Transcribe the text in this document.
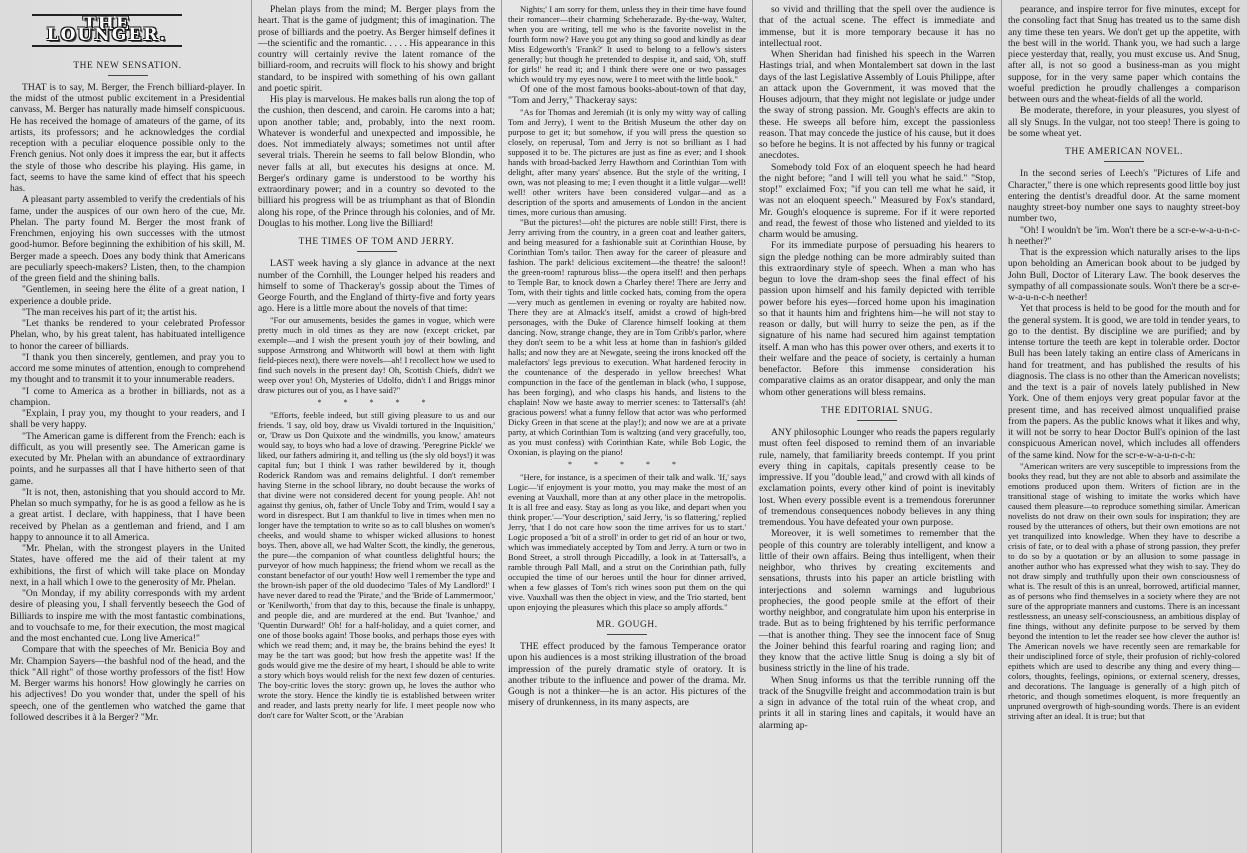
THE LOUNGER.
THE NEW SENSATION.

THAT is to say, M. Berger, the French billiard-player. In the midst of the utmost public excitement in a Presidential canvass, M. Berger has naturally made himself conspicuous. He has received the homage of amateurs of the game, of its artists, its professors; and he acknowledges the cordial reception with a peculiar eloquence possible only to the French genius. Not only does it impress the ear, but it affects the style of those who describe his playing. His game, in fact, seems to have the same kind of effect that his speech has.

A pleasant party assembled to verify the credentials of his fame, under the auspices of our own hero of the cue, Mr. Phelan. The party found M. Berger the most frank of Frenchmen, enjoying his own successes with the utmost good-humor. Before beginning the exhibition of his skill, M. Berger made a speech. Does any body think that Americans are peculiarly speech-makers? Listen, then, to the champion of the green field and the shining balls.

"Gentlemen, in seeing here the élite of a great nation, I experience a double pride.

"The man receives his part of it; the artist his.

"Let thanks be rendered to your celebrated Professor Phelan, who, by his great talent, has habituated intelligence to honor the career of billiards.

"I thank you then sincerely, gentlemen, and pray you to accord me some minutes of attention, enough to comprehend my thought and to transmit it to your innumerable readers.

"I come to America as a brother in billiards, not as a champion.

"Explain, I pray you, my thought to your readers, and I shall be very happy.

"The American game is different from the French: each is difficult, as you will presently see. The American game is executed by Mr. Phelan with an abundance of extraordinary points, and he surpasses all that I have hitherto seen of that game.

"It is not, then, astonishing that you should accord to Mr. Phelan so much sympathy, for he is as good a fellow as he is a great artist. I declare, with happiness, that I have been received by Phelan as a gentleman and friend, and I am happy to announce it to all America.

"Mr. Phelan, with the strongest players in the United States, have offered me the aid of their talent at my exhibitions, the first of which will take place on Monday next, in a hall which I owe to the generosity of Mr. Phelan.

"On Monday, if my ability corresponds with my ardent desire of pleasing you, I shall fervently beseech the God of Billiards to inspire me with the most fantastic combinations, and to vouchsafe to me, for their execution, the most magical and the most enchanted cue. Long live America!"

Compare that with the speeches of Mr. Benicia Boy and Mr. Champion Sayers—the bashful nod of the head, and the thick "All right" of those worthy professors of the fist! How M. Berger warms his honors! How glowingly he carries on his adjectives! Do you wonder that, under the spell of his speech, one of the gentlemen who watched the game that followed describes it à la Berger? "Mr.

Phelan plays from the mind; M. Berger plays from the heart. That is the game of judgment; this of imagination. The prose of billiards and the poetry. As Berger himself defines it—the scientific and the romantic. . . . . His appearance in this country will certainly revive the latent romance of the billiard-room, and recruits will flock to his showy and bright standard, to be inspired with something of his own gallant and poetic spirit.

His play is marvelous. He makes balls run along the top of the cushion, then descend, and caroin. He caroms into a hat; upon another table; and, probably, into the next room. Whatever is wonderful and unexpected and impossible, he does. Not immediately always; sometimes not until after several trials. Therein he seems to fall below Blondin, who never falls at all, but executes his designs at once. M. Berger's ordinary game is understood to be worthy his extraordinary power; and in a country so devoted to the billiard his progress will be as triumphant as that of Blondin along his rope, of the Prince through his colonies, and of Mr. Douglas to his mother. Long live the Billiard!

THE TIMES OF TOM AND JERRY.

LAST week having a sly glance in advance at the next number of the Cornhill, the Lounger helped his readers and himself to some of Thackeray's gossip about the Times of George Fourth, and the England of thirty-five and forty years ago. Here is a little more about the novels of that time:

"For our amusements, besides the games in vogue, which were pretty much in old times as they are now (except cricket, par exemple—and I wish the present youth joy of their bowling, and suppose Armstrong and Whitworth will bowl at them with light field-pieces next), there were novels—ah! I recollect how we used to find such novels in the present day! Oh, Scottish Chiefs, didn't we weep over you! Oh, Mysteries of Udolfo, didn't I and Briggs minor draw pictures out of you, as I have said?"

* * * * *

"Efforts, feeble indeed, but still giving pleasure to us and our friends. 'I say, old boy, draw us Vivaldi tortured in the Inquisition,' or, 'Draw us Don Quixote and the windmills, you know,' amateurs would say, to boys who had a love of drawing. 'Peregrine Pickle' we liked, our fathers admiring it, and telling us (the sly old boys!) it was capital fun; but I think I was rather bewildered by it, though Roderick Random was and remains delightful. I don't remember having Sterne in the school library, no doubt because the works of that divine were not considered decent for young people. Ah! not against thy genius, oh, father of Uncle Toby and Trim, would I say a word in disrespect. But I am thankful to live in times when men no longer have the temptation to write so as to call blushes on women's cheeks, and would shame to whisper wicked allusions to honest boys. Then, above all, we had Walter Scott, the kindly, the generous, the pure—the companion of what countless delightful hours; the purveyor of how much happiness; the friend whom we recall as the constant benefactor of our youth! How well I remember the type and the brown-ish paper of the old duodecimo 'Tales of My Landlord!' I have never dared to read the 'Pirate,' and the 'Bride of Lammermoor,' or 'Kenilworth,' from that day to this, because the finale is unhappy, and people die, and are murdered at the end. But 'Ivanhoe,' and 'Quentin Durward!' Oh! for a half-holiday, and a quiet corner, and one of those books again! Those books, and perhaps those eyes with which we read them; and, it may be, the brains behind the eyes! It may be the tart was good; but how fresh the appetite was! If the gods would give me the desire of my heart, I should be able to write a story which boys would relish for the next few dozen of centuries. The boy-critic loves the story: grown up, he loves the author who wrote the story. Hence the kindly tie is established between writer and reader, and lasts pretty nearly for life. I meet people now who don't care for Walter Scott, or the 'Arabian

Nights;' I am sorry for them, unless they in their time have found their romancer—their charming Scheherazade. By-the-way, Walter, when you are writing, tell me who is the favorite novelist in the fourth form now? Have you got any thing so good and kindly as dear Miss Edgeworth's 'Frank?' It used to belong to a fellow's sisters generally; but though he pretended to despise it, and said, 'Oh, stuff for girls!' he read it; and I think there were one or two passages which would try my eyes now, were I to meet with the little book."

Of one of the most famous books-about-town of that day, "Tom and Jerry," Thackeray says:

"As for Thomas and Jeremiah (it is only my witty way of calling Tom and Jerry), I went to the British Museum the other day on purpose to get it; but somehow, if you will press the question so closely, on reperusal, Tom and Jerry is not so brilliant as I had supposed it to be. The pictures are just as fine as ever; and I shook hands with broad-backed Jerry Hawthorn and Corinthian Tom with delight, after many years' absence. But the style of the writing, I own, was not pleasing to me; I even thought it a little vulgar—well! well! other writers have been considered vulgar—and as a description of the sports and amusements of London in the ancient times, more curious than amusing.

"But the pictures!—oh! the pictures are noble still! First, there is Jerry arriving from the country, in a green coat and leather gaiters, and being measured for a fashionable suit at Corinthian House, by Corinthian Tom's tailor. Then away for the career of pleasure and fashion. The park! delicious excitement—the theatre! the saloon!! the green-room! rapturous bliss—the opera itself! and then perhaps to Temple Bar, to knock down a Charley there! There are Jerry and Tom, with their tights and little cocked hats, coming from the opera—very much as gentlemen in evening or royalty are habited now. There they are at Almack's itself, amidst a crowd of high-bred personages, with the Duke of Clarence himself looking at them dancing. Now, strange change, they are in Tom Cribb's parlor, where they don't seem to be a whit less at home than in fashion's gilded halls; and now they are at Newgate, seeing the irons knocked off the malefactors' legs previous to execution. What hardened ferocity in the countenance of the desperado in yellow breeches! What compunction in the face of the gentleman in black (who, I suppose, has been forging), and who clasps his hands, and listens to the chaplain! Now we haste away to merrier scenes: to Tattersall's (ah! gracious powers! what a funny fellow that actor was who performed Dicky Green in that scene at the play!); and now we are at a private party, at which Corinthian Tom is waltzing (and very gracefully, too, as you must confess) with Corinthian Kate, while Bob Logic, the Oxonian, is playing on the piano!

* * * * *

"Here, for instance, is a specimen of their talk and walk. 'If,' says Logic—'if enjoyment is your motto, you may make the most of an evening at Vauxhall, more than at any other place in the metropolis. It is all free and easy. Stay as long as you like, and depart when you think proper.'—'Your description,' said Jerry, 'is so flattering,' replied Jerry, 'that I do not care how soon the time arrives for us to start.' Logic proposed a 'bit of a stroll' in order to get rid of an hour or two, which was immediately accepted by Tom and Jerry. A turn or two in Bond Street, a stroll through Piccadilly, a look in at Tattersall's, a ramble through Pall Mall, and a strut on the Corinthian path, fully occupied the time of our heroes until the hour for dinner arrived, when a few glasses of Tom's rich wines soon put them on the qui vive. Vauxhall was then the object in view, and the Trio started, bent upon enjoying the pleasures which this place so amply affords."

MR. GOUGH.

THE effect produced by the famous Temperance orator upon his audiences is a most striking illustration of the broad impression of the purely dramatic style of oratory. It is another tribute to the influence and power of the drama. Mr. Gough is not a thinker—he is an actor. His pictures of the misery of drunkenness, in its many aspects, are

so vivid and thrilling that the spell over the audience is that of the actual scene. The effect is immediate and immense, but it is more temporary because it has no intellectual root.

When Sheridan had finished his speech in the Warren Hastings trial, and when Montalembert sat down in the last days of the last Legislative Assembly of Louis Philippe, after an attack upon the Government, it was moved that the Houses adjourn, that they might not legislate or judge under the sway of strong passion. Mr. Gough's effects are akin to these. He sweeps all before him, except the passionless reason. That may concede the justice of his cause, but it does so before he begins. It is not affected by his funny or tragical anecdotes.

Somebody told Fox of an eloquent speech he had heard the night before; "and I will tell you what he said." "Stop, stop!" exclaimed Fox; "if you can tell me what he said, it was not an eloquent speech." Measured by Fox's standard, Mr. Gough's eloquence is supreme. For if it were reported and read, the fewest of those who listened and yielded to its charm would be amusing.

For its immediate purpose of persuading his hearers to sign the pledge nothing can be more admirably suited than this extraordinary style of speech. When a man who has begun to love the dram-shop sees the final effect of his passion upon himself and his family depicted with terrible power before his eyes—forced home upon his imagination so that it haunts him and frightens him—he will not stay to reason or dally, but will hurry to seize the pen, as if the signature of his name had secured him against temptation itself. A man who has this power over others, and exerts it to their welfare and the peace of society, is certainly a human benefactor. Before this immense consideration his comparative claims as an orator disappear, and only the man whom other generations will bless remains.

THE EDITORIAL SNUG.

ANY philosophic Lounger who reads the papers regularly must often feel disposed to remind them of an invariable rule, namely, that familiarity breeds contempt. If you print every thing in capitals, capitals presently cease to be impressive. If you "double lead," and crowd with all kinds of exclamation points, every other kind of point is inevitably lost. When every possible event is a tremendous forerunner of tremendous consequences nobody believes in any thing tremendous. You have defeated your own purpose.

Moreover, it is well sometimes to remember that the people of this country are tolerably intelligent, and know a little of their own affairs. Being thus intelligent, when their neighbor, who thrives by creating excitements and sensations, thrusts into his paper an article bristling with interjections and solemn warnings and lugubrious prophecies, the good people smile at the effort of their worthy neighbor, and congratulate him upon his enterprise in trade. But as to being frightened by his terrific performance—that is another thing. They see the innocent face of Snug the Joiner behind this fearful roaring and raging lion; and they know that the active little Snug is doing a sly bit of business strictly in the line of his trade.

When Snug informs us that the terrible running off the track of the Snugville freight and accommodation train is but a sign in advance of the total ruin of the wheat crop, and prints it all in staring lines and capitals, it would have an alarming ap-

pearance, and inspire terror for five minutes, except for the consoling fact that Snug has treated us to the same dish any time these ten years. We don't get up the appetite, with the best will in the world. Thank you, we had such a large piece yesterday that, really, you must excuse us. And Snug, after all, is not so good a business-man as you might suppose, for in the very same paper which contains the woeful prediction he proudly challenges a comparison between ours and the wheat-fields of all the world.

Be moderate, therefore, in your pleasures, you slyest of all sly Snugs. In the vulgar, not too steep! There is going to be some wheat yet.

THE AMERICAN NOVEL.

In the second series of Leech's "Pictures of Life and Character," there is one which represents good little boy just entering the dentist's dreadful door. At the same moment naughty street-boy number one says to naughty street-boy number two,

"Oh! I wouldn't be 'im. Won't there be a scr-e-w-a-u-n-c-h neether?"

That is the expression which naturally arises to the lips upon beholding an American book about to be judged by John Bull, Doctor of Literary Law. The book deserves the sympathy of all compassionate souls. Won't there be a scr-e-w-a-u-n-c-h neether!

Yet that process is held to be good for the mouth and for the general system. It is good, we are told in tender years, to go to the dentist. By discipline we are purified; and by intense torture the teeth are kept in tolerable order. Doctor Bull has been lately taking an entire class of Americans in hand for treatment, and has published the results of his diagnosis. The class is no other than the American novelists; and the text is a pair of novels lately published in New York. One of them enjoys very great popular favor at the present time, and has received almost unqualified praise from the papers. As the public knows what it likes and why, it will not be sorry to hear Doctor Bull's opinion of the last conspicuous American novel, which includes all offenders of the same kind. Now for the scr-e-w-a-u-n-c-h:

"American writers are very susceptible to impressions from the books they read, but they are not able to absorb and assimilate the emotions produced upon them. Writers of fiction are in the transitional stage of wishing to imitate the works which have caused them pleasure—to reproduce something similar. American novelists do not draw on their own souls for inspiration; they are roused by the utterances of others, but their own emotions are not yet tranquilized into knowledge. When they have to describe a crisis of fate, or to deal with a phase of strong passion, they prefer to do so by a quotation or by an allusion to some passage in another author who has expressed what they wish to say. They do not draw simply and truthfully upon their own consciousness of what is. The result of this is an unreal, borrowed, artificial manner, as of persons who find themselves in a society where they are not sure of the appropriate manners and customs. There is an incessant restlessness, an uneasy self-consciousness, an ambitious display of fine things, without any definite purpose to be served by them beyond the intention to let the reader see how clever the author is! The American novels we have recently seen are remarkable for their undisciplined force of style, their profusion of richly-colored epithets which are used to describe any thing and every thing—colors, thoughts, feelings, opinions, or external scenery, dresses, and decorations. The language is generally of a high pitch of rhetoric, and though sometimes eloquent, is more frequently an unpruned overgrowth of high-sounding words. There is an evident striving after an ideal. It is true; but that
